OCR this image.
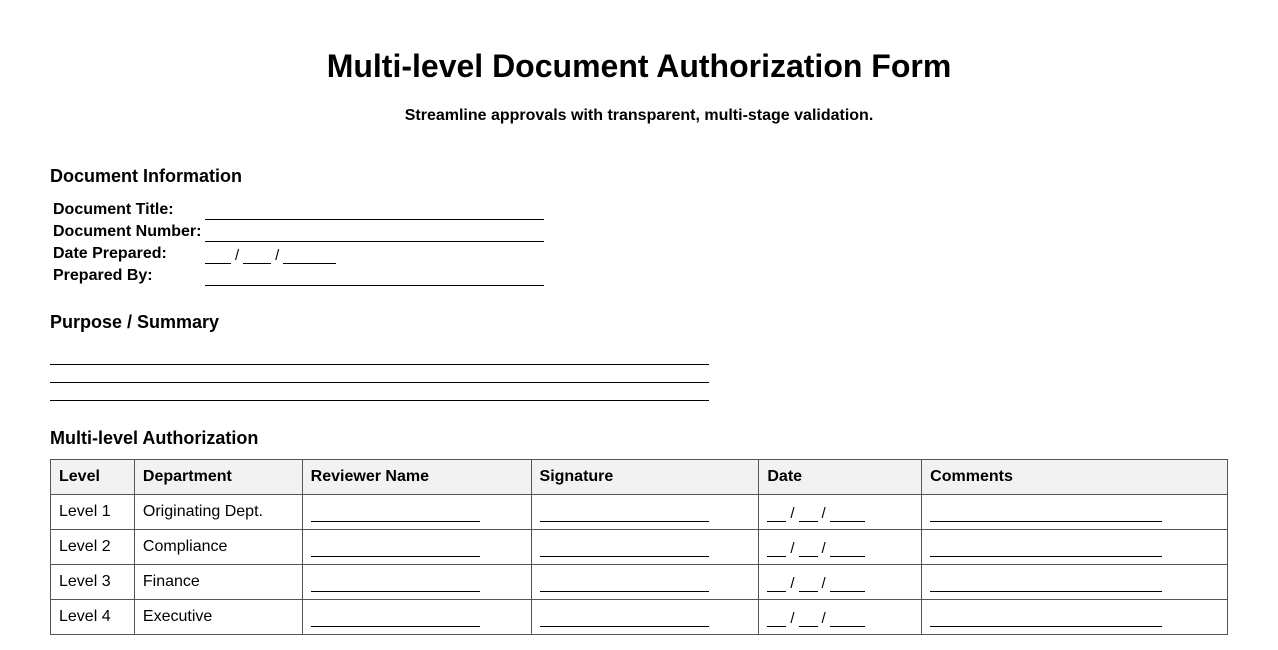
Multi-level Document Authorization Form

Streamline approvals with transparent, multi-stage validation.

Document Information
Document Title:
Document Number:
Date Prepared:	/ /
Prepared By:
Purpose / Summary
Multi-level Authorization
Level	Department	Reviewer Name	Signature	Date	Comments
Level 1	Originating Dept.			/ /	

Level 2	Compliance			/ /	

Level 3	Finance			/ /	

Level 4	Executive			/ /	
